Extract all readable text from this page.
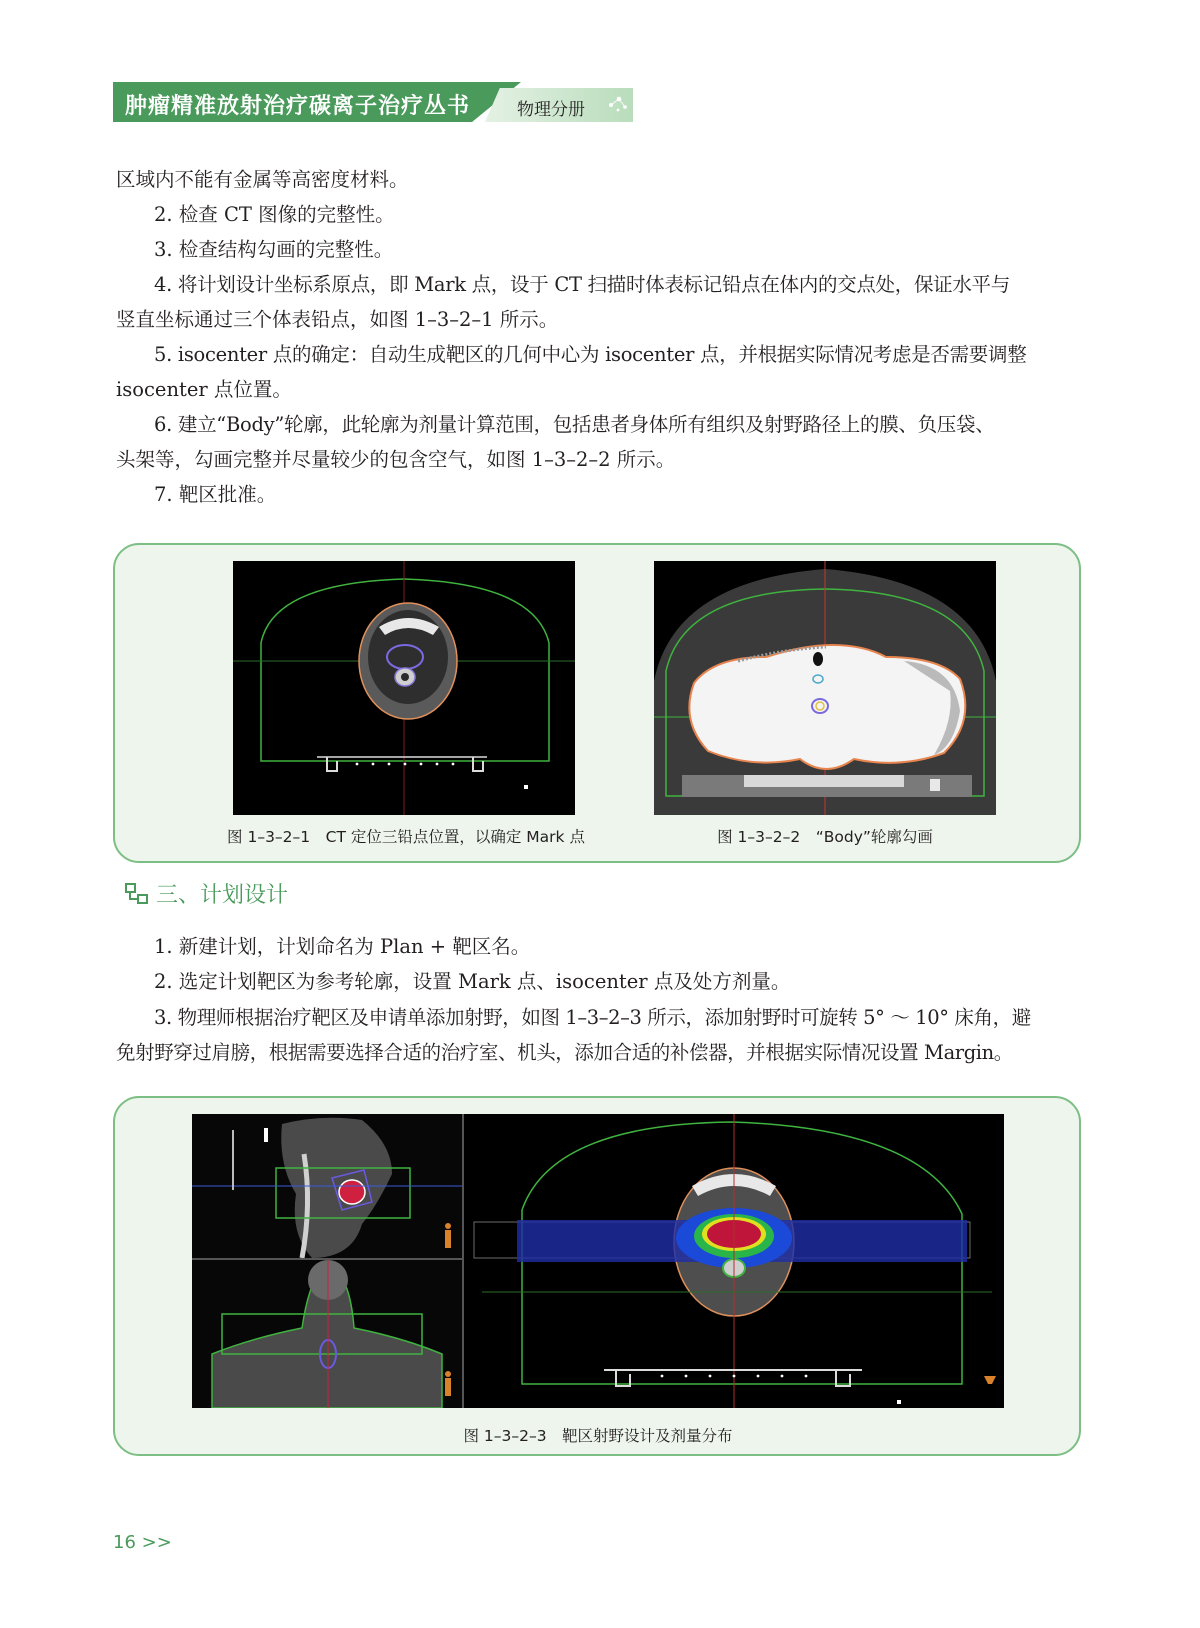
肿瘤精准放射治疗碳离子治疗丛书	物理分册
区域内不能有金属等高密度材料。
2. 检查 CT 图像的完整性。
3. 检查结构勾画的完整性。
4. 将计划设计坐标系原点，即 Mark 点，设于 CT 扫描时体表标记铅点在体内的交点处，保证水平与
竖直坐标通过三个体表铅点，如图 1–3–2–1 所示。
5. isocenter 点的确定：自动生成靶区的几何中心为 isocenter 点，并根据实际情况考虑是否需要调整
isocenter 点位置。
6. 建立“Body”轮廓，此轮廓为剂量计算范围，包括患者身体所有组织及射野路径上的膜、负压袋、
头架等，勾画完整并尽量较少的包含空气，如图 1–3–2–2 所示。
7. 靶区批准。
图 1–3–2–1　CT 定位三铅点位置，以确定 Mark 点	图 1–3–2–2　“Body”轮廓勾画
三、计划设计
1. 新建计划，计划命名为 Plan + 靶区名。
2. 选定计划靶区为参考轮廓，设置 Mark 点、isocenter 点及处方剂量。
3. 物理师根据治疗靶区及申请单添加射野，如图 1–3–2–3 所示，添加射野时可旋转 5° ～ 10° 床角，避
免射野穿过肩膀，根据需要选择合适的治疗室、机头，添加合适的补偿器，并根据实际情况设置 Margin。
图 1–3–2–3　靶区射野设计及剂量分布
16 >>
